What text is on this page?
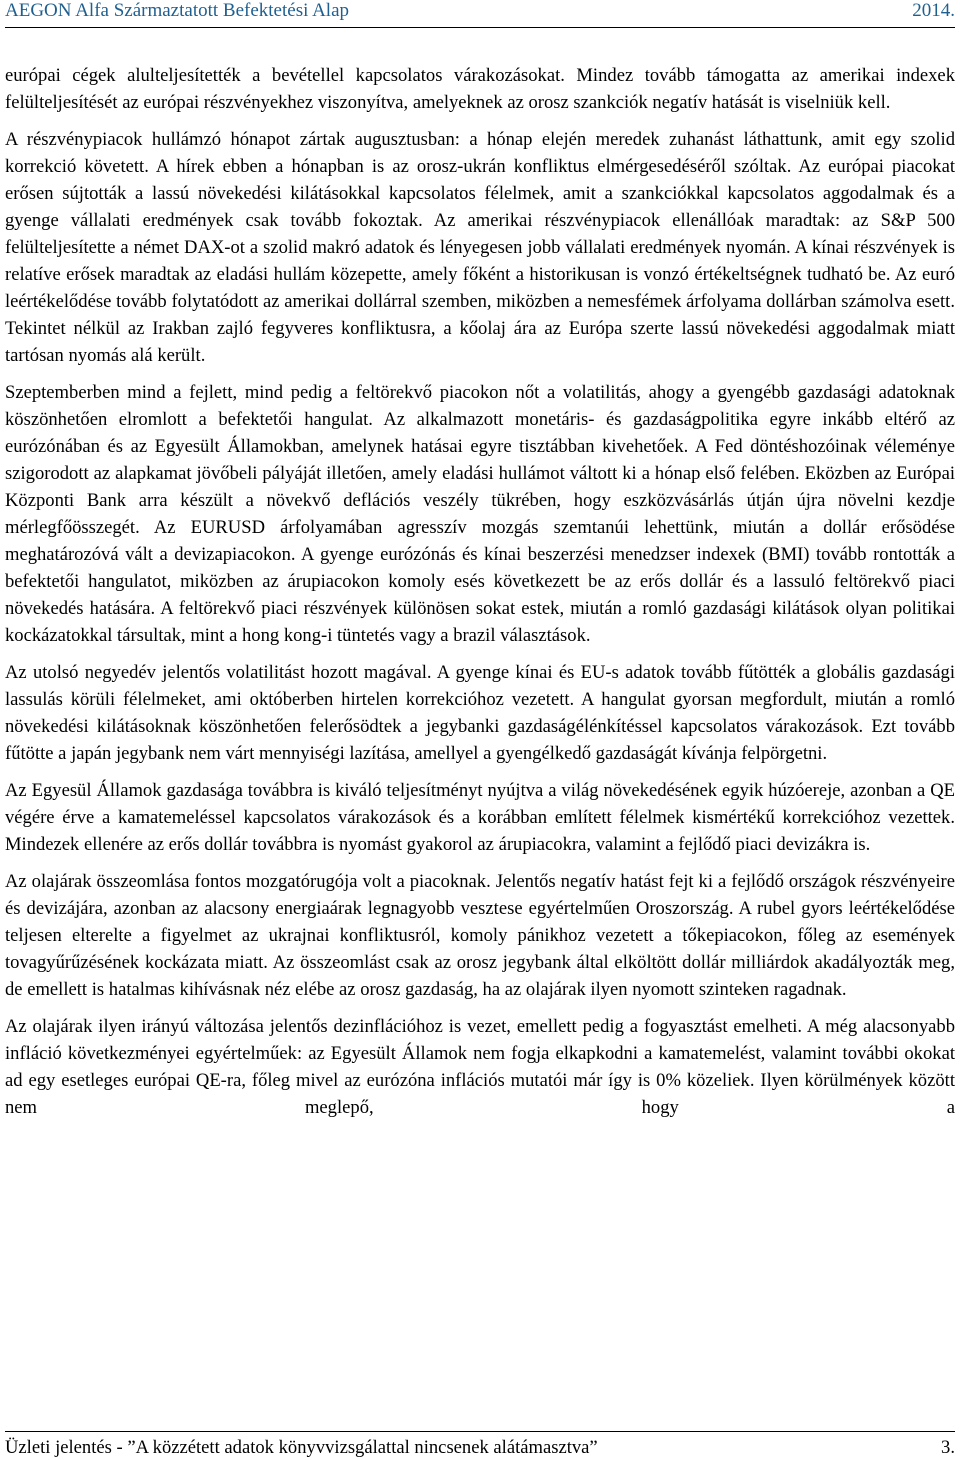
AEGON Alfa Származtatott Befektetési Alap	2014.

európai cégek alulteljesítették a bevétellel kapcsolatos várakozásokat. Mindez tovább támogatta az amerikai indexek felülteljesítését az európai részvényekhez viszonyítva, amelyeknek az orosz szankciók negatív hatását is viselniük kell.

A részvénypiacok hullámzó hónapot zártak augusztusban: a hónap elején meredek zuhanást láthattunk, amit egy szolid korrekció követett. A hírek ebben a hónapban is az orosz-ukrán konfliktus elmérgesedéséről szóltak. Az európai piacokat erősen sújtották a lassú növekedési kilátásokkal kapcsolatos félelmek, amit a szankciókkal kapcsolatos aggodalmak és a gyenge vállalati eredmények csak tovább fokoztak. Az amerikai részvénypiacok ellenállóak maradtak: az S&P 500 felülteljesítette a német DAX-ot a szolid makró adatok és lényegesen jobb vállalati eredmények nyomán. A kínai részvények is relatíve erősek maradtak az eladási hullám közepette, amely főként a historikusan is vonzó értékeltségnek tudható be. Az euró leértékelődése tovább folytatódott az amerikai dollárral szemben, miközben a nemesfémek árfolyama dollárban számolva esett. Tekintet nélkül az Irakban zajló fegyveres konfliktusra, a kőolaj ára az Európa szerte lassú növekedési aggodalmak miatt tartósan nyomás alá került.

Szeptemberben mind a fejlett, mind pedig a feltörekvő piacokon nőt a volatilitás, ahogy a gyengébb gazdasági adatoknak köszönhetően elromlott a befektetői hangulat. Az alkalmazott monetáris- és gazdaságpolitika egyre inkább eltérő az eurózónában és az Egyesült Államokban, amelynek hatásai egyre tisztábban kivehetőek. A Fed döntéshozóinak véleménye szigorodott az alapkamat jövőbeli pályáját illetően, amely eladási hullámot váltott ki a hónap első felében. Eközben az Európai Központi Bank arra készült a növekvő deflációs veszély tükrében, hogy eszközvásárlás útján újra növelni kezdje mérlegfőösszegét. Az EURUSD árfolyamában agresszív mozgás szemtanúi lehettünk, miután a dollár erősödése meghatározóvá vált a devizapiacokon. A gyenge eurózónás és kínai beszerzési menedzser indexek (BMI) tovább rontották a befektetői hangulatot, miközben az árupiacokon komoly esés következett be az erős dollár és a lassuló feltörekvő piaci növekedés hatására. A feltörekvő piaci részvények különösen sokat estek, miután a romló gazdasági kilátások olyan politikai kockázatokkal társultak, mint a hong kong-i tüntetés vagy a brazil választások.

Az utolsó negyedév jelentős volatilitást hozott magával. A gyenge kínai és EU-s adatok tovább fűtötték a globális gazdasági lassulás körüli félelmeket, ami októberben hirtelen korrekcióhoz vezetett. A hangulat gyorsan megfordult, miután a romló növekedési kilátásoknak köszönhetően felerősödtek a jegybanki gazdaságélénkítéssel kapcsolatos várakozások. Ezt tovább fűtötte a japán jegybank nem várt mennyiségi lazítása, amellyel a gyengélkedő gazdaságát kívánja felpörgetni.

Az Egyesül Államok gazdasága továbbra is kiváló teljesítményt nyújtva a világ növekedésének egyik húzóereje, azonban a QE végére érve a kamatemeléssel kapcsolatos várakozások és a korábban említett félelmek kismértékű korrekcióhoz vezettek. Mindezek ellenére az erős dollár továbbra is nyomást gyakorol az árupiacokra, valamint a fejlődő piaci devizákra is.

Az olajárak összeomlása fontos mozgatórugója volt a piacoknak. Jelentős negatív hatást fejt ki a fejlődő országok részvényeire és devizájára, azonban az alacsony energiaárak legnagyobb vesztese egyértelműen Oroszország. A rubel gyors leértékelődése teljesen elterelte a figyelmet az ukrajnai konfliktusról, komoly pánikhoz vezetett a tőkepiacokon, főleg az események tovagyűrűzésének kockázata miatt. Az összeomlást csak az orosz jegybank által elköltött dollár milliárdok akadályozták meg, de emellett is hatalmas kihívásnak néz elébe az orosz gazdaság, ha az olajárak ilyen nyomott szinteken ragadnak.

Az olajárak ilyen irányú változása jelentős dezinflációhoz is vezet, emellett pedig a fogyasztást emelheti. A még alacsonyabb infláció következményei egyértelműek: az Egyesült Államok nem fogja elkapkodni a kamatemelést, valamint további okokat ad egy esetleges európai QE-ra, főleg mivel az eurózóna inflációs mutatói már így is 0% közeliek. Ilyen körülmények között nem meglepő, hogy a

Üzleti jelentés - ”A közzétett adatok könyvvizsgálattal nincsenek alátámasztva”	3.
